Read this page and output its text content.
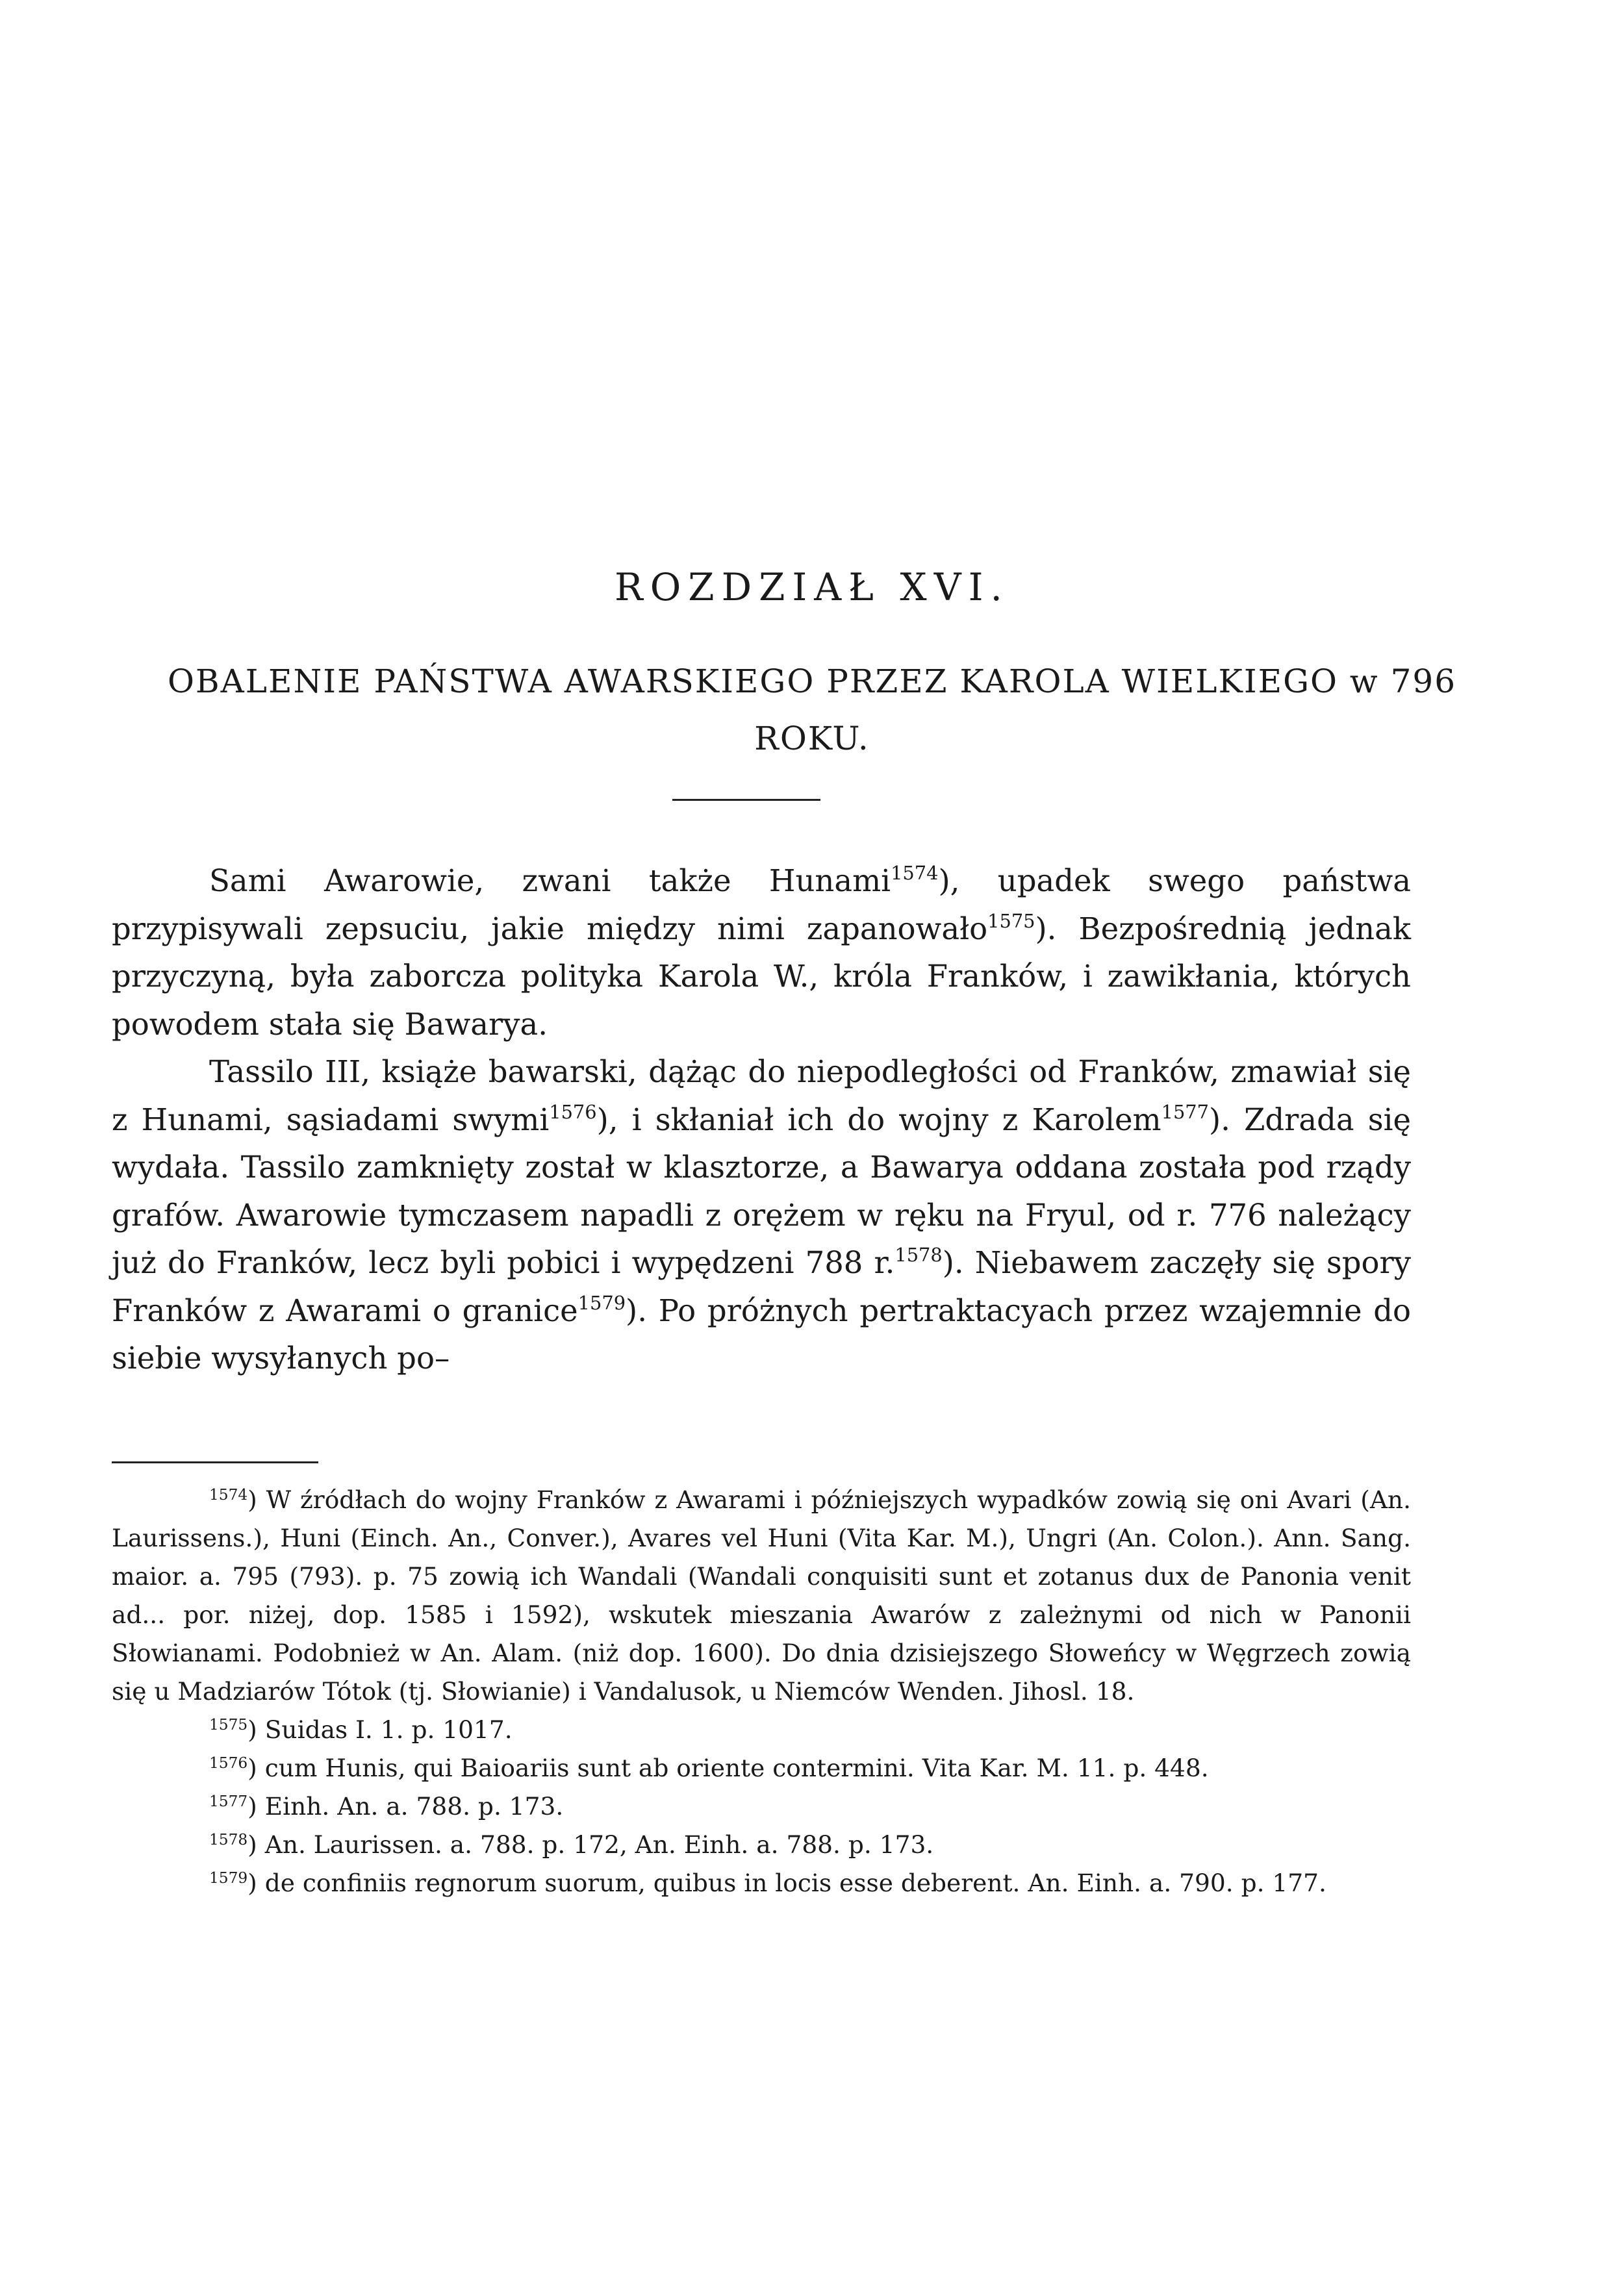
ROZDZIAŁ XVI.
OBALENIE PAŃSTWA AWARSKIEGO PRZEZ KAROLA WIELKIEGO w 796 ROKU.

Sami Awarowie, zwani także Hunami$^{1574}$), upadek swego państwa przypisywali zepsuciu, jakie między nimi zapanowało$^{1575}$). Bezpośrednią jednak przyczyną, była zaborcza polityka Karola W., króla Franków, i zawikłania, których powodem stała się Bawarya.

Tassilo III, książe bawarski, dążąc do niepodległości od Franków, zmawiał się z Hunami, sąsiadami swymi$^{1576}$), i skłaniał ich do wojny z Karolem$^{1577}$). Zdrada się wydała. Tassilo zamknięty został w klasztorze, a Bawarya oddana została pod rządy grafów. Awarowie tymczasem napadli z orężem w ręku na Fryul, od r. 776 należący już do Franków, lecz byli pobici i wypędzeni 788 r.$^{1578}$). Niebawem zaczęły się spory Franków z Awarami o granice$^{1579}$). Po próżnych pertraktacyach przez wzajemnie do siebie wysyłanych po–

$^{1574}$) W źródłach do wojny Franków z Awarami i późniejszych wypadków zowią się oni Avari (An. Laurissens.), Huni (Einch. An., Conver.), Avares vel Huni (Vita Kar. M.), Ungri (An. Colon.). Ann. Sang. maior. a. 795 (793). p. 75 zowią ich Wandali (Wandali conquisiti sunt et zotanus dux de Panonia venit ad... por. niżej, dop. 1585 i 1592), wskutek mieszania Awarów z zależnymi od nich w Panonii Słowianami. Podobnież w An. Alam. (niż dop. 1600). Do dnia dzisiejszego Słoweńcy w Węgrzech zowią się u Madziarów Tótok (tj. Słowianie) i Vandalusok, u Niemców Wenden. Jihosl. 18.

$^{1575}$) Suidas I. 1. p. 1017.

$^{1576}$) cum Hunis, qui Baioariis sunt ab oriente contermini. Vita Kar. M. 11. p. 448.

$^{1577}$) Einh. An. a. 788. p. 173.

$^{1578}$) An. Laurissen. a. 788. p. 172, An. Einh. a. 788. p. 173.

$^{1579}$) de confiniis regnorum suorum, quibus in locis esse deberent. An. Einh. a. 790. p. 177.
